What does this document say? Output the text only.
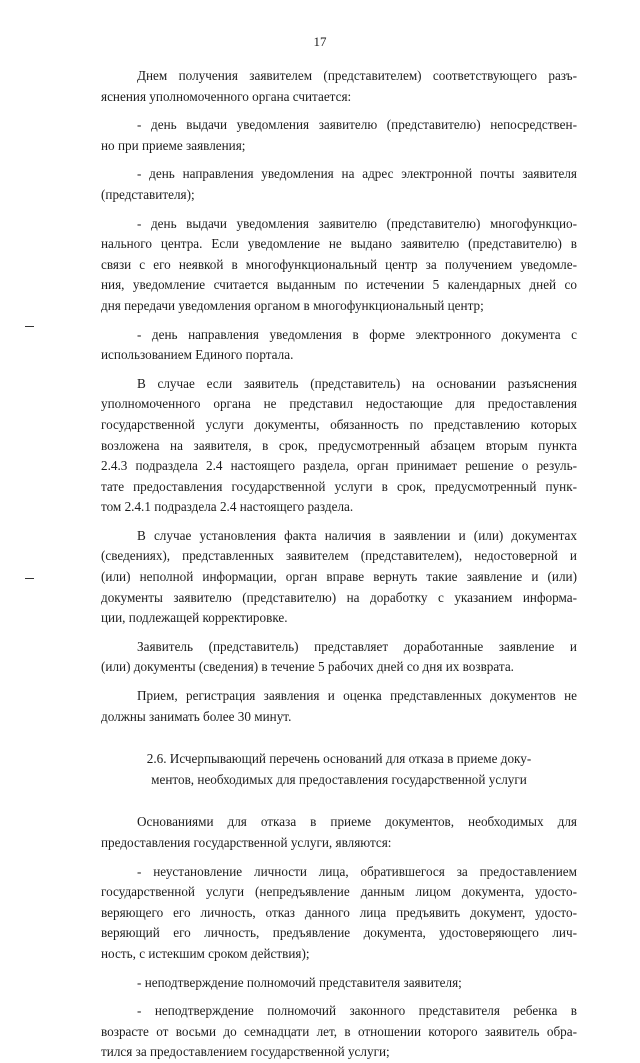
17
Днем получения заявителем (представителем) соответствующего разъ-
яснения уполномоченного органа считается:
- день выдачи уведомления заявителю (представителю) непосредствен-
но при приеме заявления;
- день направления уведомления на адрес электронной почты заявителя
(представителя);
- день выдачи уведомления заявителю (представителю) многофункцио-
нального центра. Если уведомление не выдано заявителю (представителю) в
связи с его неявкой в многофункциональный центр за получением уведомле-
ния, уведомление считается выданным по истечении 5 календарных дней со
дня передачи уведомления органом в многофункциональный центр;
- день направления уведомления в форме электронного документа с
использованием Единого портала.
В случае если заявитель (представитель) на основании разъяснения
уполномоченного органа не представил недостающие для предоставления
государственной услуги документы, обязанность по представлению которых
возложена на заявителя, в срок, предусмотренный абзацем вторым пункта
2.4.3 подраздела 2.4 настоящего раздела, орган принимает решение о резуль-
тате предоставления государственной услуги в срок, предусмотренный пунк-
том 2.4.1 подраздела 2.4 настоящего раздела.
В случае установления факта наличия в заявлении и (или) документах
(сведениях), представленных заявителем (представителем), недостоверной и
(или) неполной информации, орган вправе вернуть такие заявление и (или)
документы заявителю (представителю) на доработку с указанием информа-
ции, подлежащей корректировке.
Заявитель (представитель) представляет доработанные заявление и
(или) документы (сведения) в течение 5 рабочих дней со дня их возврата.
Прием, регистрация заявления и оценка представленных документов не
должны занимать более 30 минут.
2.6. Исчерпывающий перечень оснований для отказа в приеме доку-
ментов, необходимых для предоставления государственной услуги
Основаниями для отказа в приеме документов, необходимых для
предоставления государственной услуги, являются:
- неустановление личности лица, обратившегося за предоставлением
государственной услуги (непредъявление данным лицом документа, удосто-
веряющего его личность, отказ данного лица предъявить документ, удосто-
веряющий его личность, предъявление документа, удостоверяющего лич-
ность, с истекшим сроком действия);
- неподтверждение полномочий представителя заявителя;
- неподтверждение полномочий законного представителя ребенка в
возрасте от восьми до семнадцати лет, в отношении которого заявитель обра-
тился за предоставлением государственной услуги;
